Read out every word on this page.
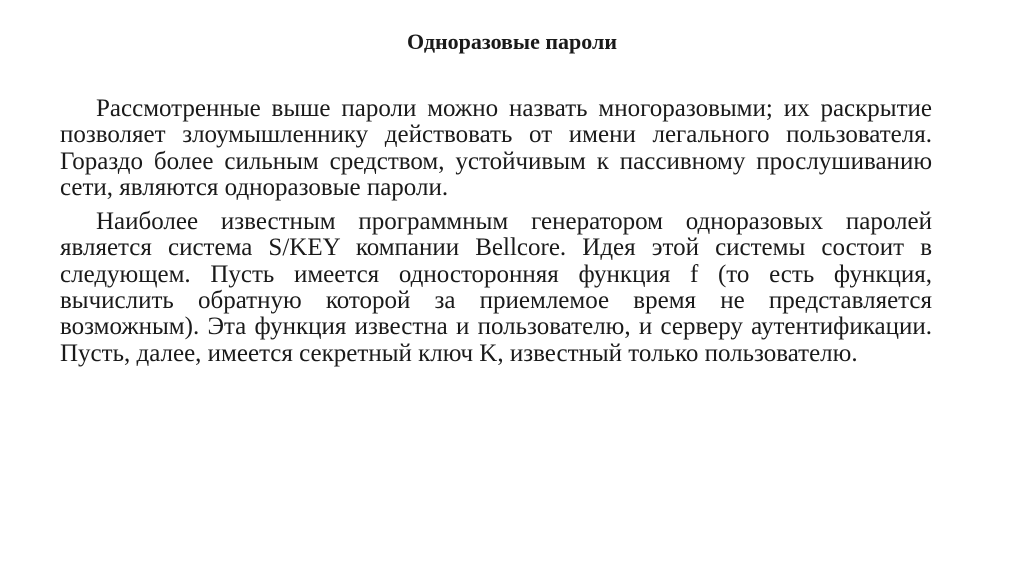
Одноразовые пароли

Рассмотренные выше пароли можно назвать многоразовыми; их раскрытие позволяет злоумышленнику действовать от имени легального пользователя. Гораздо более сильным средством, устойчивым к пассивному прослушиванию сети, являются одноразовые пароли.

Наиболее известным программным генератором одноразовых паролей является система S/KEY компании Bellcore. Идея этой системы состоит в следующем. Пусть имеется односторонняя функция f (то есть функция, вычислить обратную которой за приемлемое время не представляется возможным). Эта функция известна и пользователю, и серверу аутентификации. Пусть, далее, имеется секретный ключ K, известный только пользователю.
